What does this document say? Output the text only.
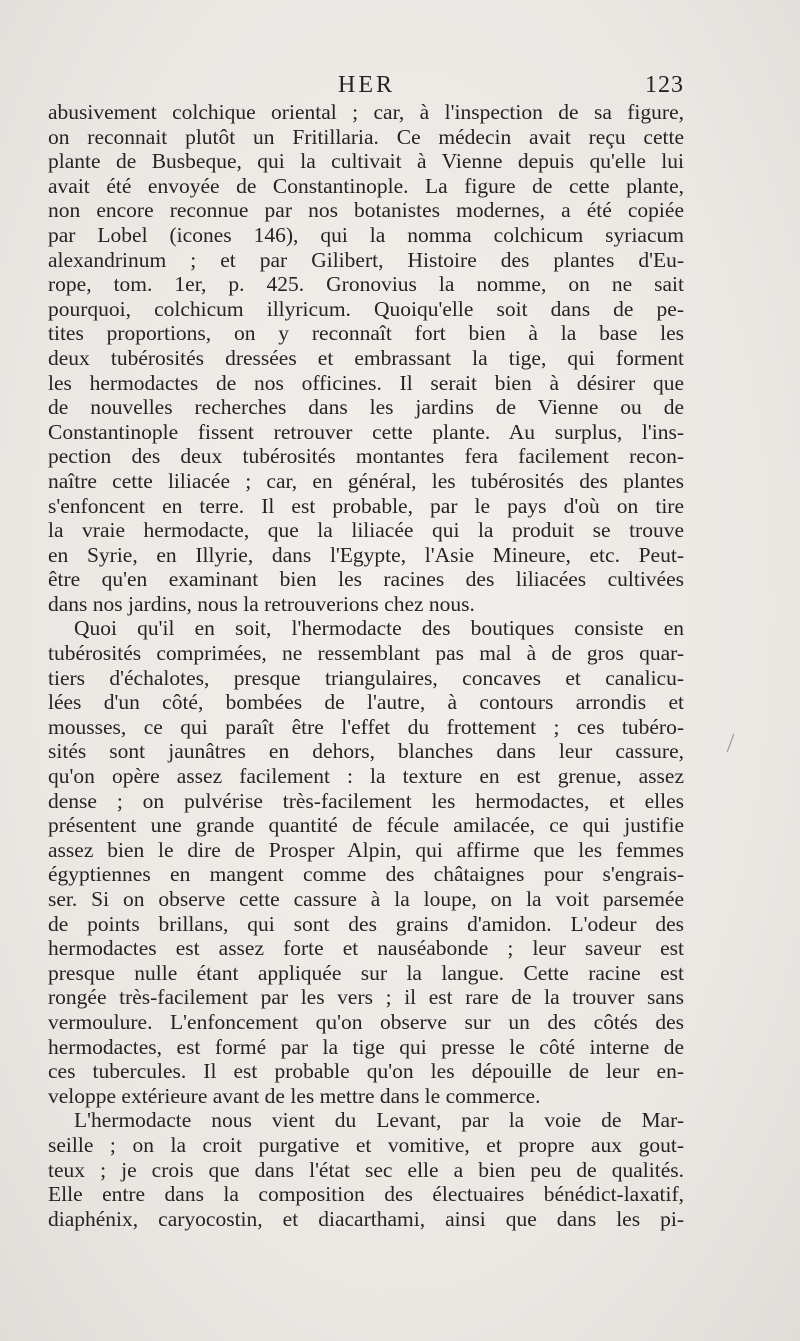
HER	123
abusivement colchique oriental ; car, à l'inspection de sa figure,
on reconnait plutôt un Fritillaria. Ce médecin avait reçu cette
plante de Busbeque, qui la cultivait à Vienne depuis qu'elle lui
avait été envoyée de Constantinople. La figure de cette plante,
non encore reconnue par nos botanistes modernes, a été copiée
par Lobel (icones 146), qui la nomma colchicum syriacum
alexandrinum ; et par Gilibert, Histoire des plantes d'Eu-
rope, tom. 1er, p. 425. Gronovius la nomme, on ne sait
pourquoi, colchicum illyricum. Quoiqu'elle soit dans de pe-
tites proportions, on y reconnaît fort bien à la base les
deux tubérosités dressées et embrassant la tige, qui forment
les hermodactes de nos officines. Il serait bien à désirer que
de nouvelles recherches dans les jardins de Vienne ou de
Constantinople fissent retrouver cette plante. Au surplus, l'ins-
pection des deux tubérosités montantes fera facilement recon-
naître cette liliacée ; car, en général, les tubérosités des plantes
s'enfoncent en terre. Il est probable, par le pays d'où on tire
la vraie hermodacte, que la liliacée qui la produit se trouve
en Syrie, en Illyrie, dans l'Egypte, l'Asie Mineure, etc. Peut-
être qu'en examinant bien les racines des liliacées cultivées
dans nos jardins, nous la retrouverions chez nous.
Quoi qu'il en soit, l'hermodacte des boutiques consiste en
tubérosités comprimées, ne ressemblant pas mal à de gros quar-
tiers d'échalotes, presque triangulaires, concaves et canalicu-
lées d'un côté, bombées de l'autre, à contours arrondis et
mousses, ce qui paraît être l'effet du frottement ; ces tubéro-
sités sont jaunâtres en dehors, blanches dans leur cassure,
qu'on opère assez facilement : la texture en est grenue, assez
dense ; on pulvérise très-facilement les hermodactes, et elles
présentent une grande quantité de fécule amilacée, ce qui justifie
assez bien le dire de Prosper Alpin, qui affirme que les femmes
égyptiennes en mangent comme des châtaignes pour s'engrais-
ser. Si on observe cette cassure à la loupe, on la voit parsemée
de points brillans, qui sont des grains d'amidon. L'odeur des
hermodactes est assez forte et nauséabonde ; leur saveur est
presque nulle étant appliquée sur la langue. Cette racine est
rongée très-facilement par les vers ; il est rare de la trouver sans
vermoulure. L'enfoncement qu'on observe sur un des côtés des
hermodactes, est formé par la tige qui presse le côté interne de
ces tubercules. Il est probable qu'on les dépouille de leur en-
veloppe extérieure avant de les mettre dans le commerce.
L'hermodacte nous vient du Levant, par la voie de Mar-
seille ; on la croit purgative et vomitive, et propre aux gout-
teux ; je crois que dans l'état sec elle a bien peu de qualités.
Elle entre dans la composition des électuaires bénédict-laxatif,
diaphénix, caryocostin, et diacarthami, ainsi que dans les pi-
